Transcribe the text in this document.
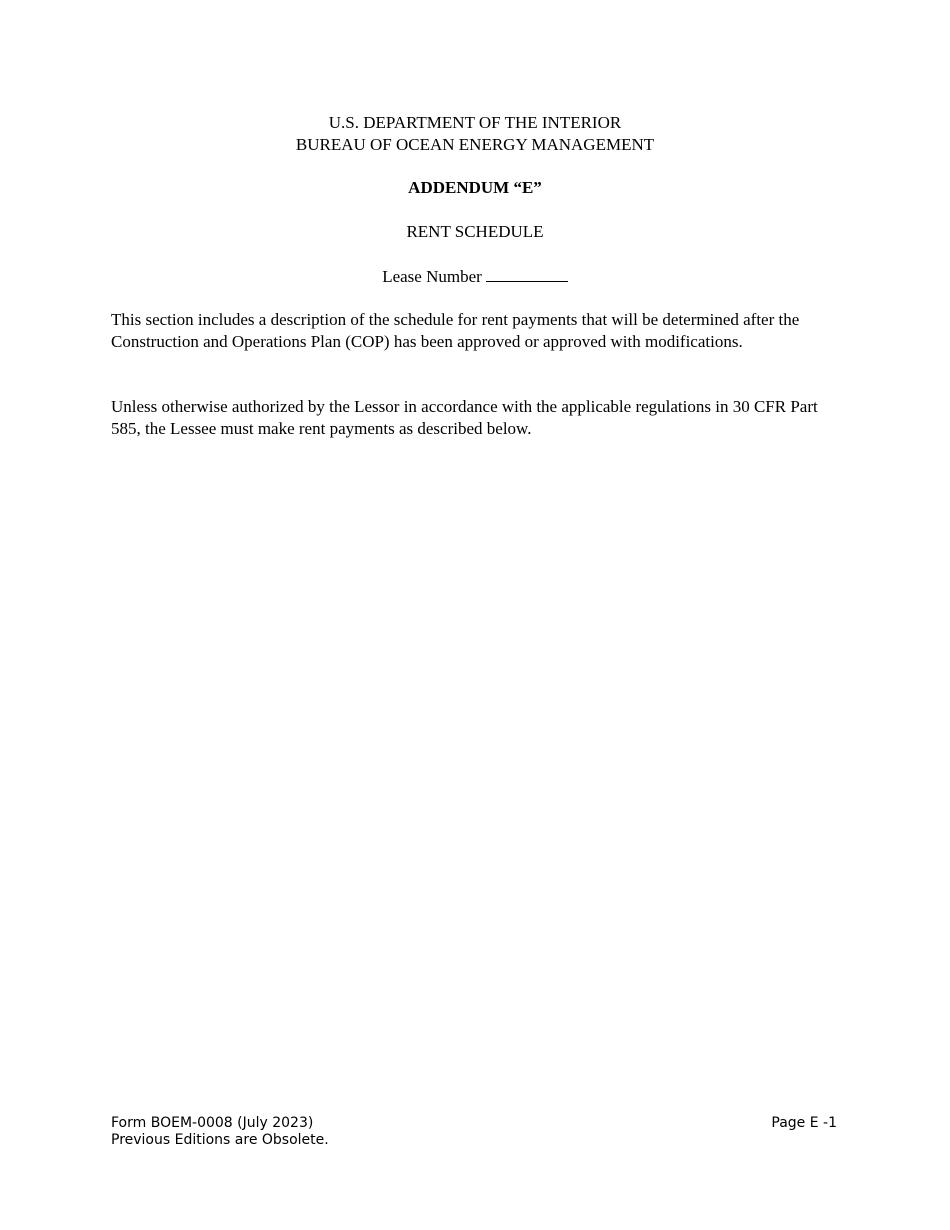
U.S. DEPARTMENT OF THE INTERIOR
BUREAU OF OCEAN ENERGY MANAGEMENT
ADDENDUM “E”
RENT SCHEDULE
Lease Number
This section includes a description of the schedule for rent payments that will be determined after the Construction and Operations Plan (COP) has been approved or approved with modifications.
Unless otherwise authorized by the Lessor in accordance with the applicable regulations in 30 CFR Part 585, the Lessee must make rent payments as described below.
Form BOEM-0008 (July 2023)
Previous Editions are Obsolete.
Page E -1
